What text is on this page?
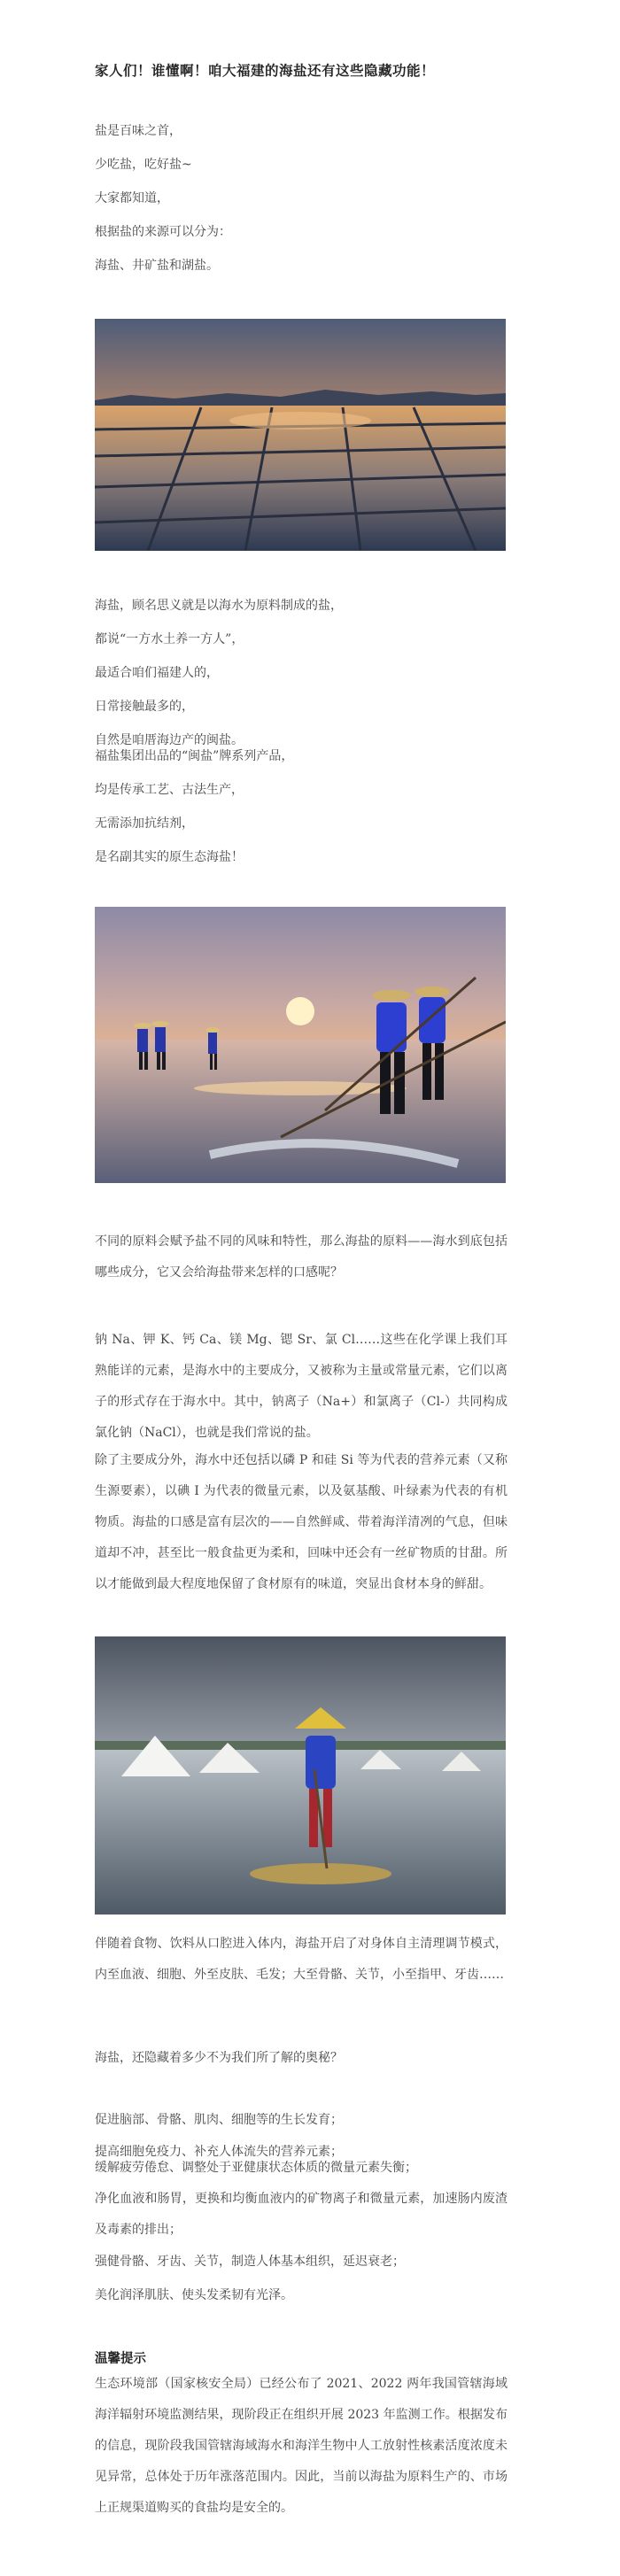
家人们！谁懂啊！咱大福建的海盐还有这些隐藏功能！
盐是百味之首，
少吃盐，吃好盐~
大家都知道，
根据盐的来源可以分为：
海盐、井矿盐和湖盐。
海盐，顾名思义就是以海水为原料制成的盐，
都说“一方水土养一方人”，
最适合咱们福建人的，
日常接触最多的，
自然是咱厝海边产的闽盐。
福盐集团出品的“闽盐”牌系列产品，
均是传承工艺、古法生产，
无需添加抗结剂，
是名副其实的原生态海盐！
不同的原料会赋予盐不同的风味和特性，那么海盐的原料——海水到底包括哪些成分，它又会给海盐带来怎样的口感呢？
钠 Na、钾 K、钙 Ca、镁 Mg、锶 Sr、氯 Cl……这些在化学课上我们耳熟能详的元素，是海水中的主要成分，又被称为主量或常量元素，它们以离子的形式存在于海水中。其中，钠离子（Na+）和氯离子（Cl-）共同构成氯化钠（NaCl），也就是我们常说的盐。
除了主要成分外，海水中还包括以磷 P 和硅 Si 等为代表的营养元素（又称生源要素），以碘 I 为代表的微量元素，以及氨基酸、叶绿素为代表的有机物质。海盐的口感是富有层次的——自然鲜咸、带着海洋清冽的气息，但味道却不冲，甚至比一般食盐更为柔和，回味中还会有一丝矿物质的甘甜。所以才能做到最大程度地保留了食材原有的味道，突显出食材本身的鲜甜。
伴随着食物、饮料从口腔进入体内，海盐开启了对身体自主清理调节模式，内至血液、细胞、外至皮肤、毛发；大至骨骼、关节，小至指甲、牙齿……
海盐，还隐藏着多少不为我们所了解的奥秘？
促进脑部、骨骼、肌肉、细胞等的生长发育；
提高细胞免疫力、补充人体流失的营养元素；
缓解疲劳倦怠、调整处于亚健康状态体质的微量元素失衡；
净化血液和肠胃，更换和均衡血液内的矿物离子和微量元素，加速肠内废渣及毒素的排出；
强健骨骼、牙齿、关节，制造人体基本组织，延迟衰老；
美化润泽肌肤、使头发柔韧有光泽。
温馨提示
生态环境部（国家核安全局）已经公布了 2021、2022 两年我国管辖海域海洋辐射环境监测结果，现阶段正在组织开展 2023 年监测工作。根据发布的信息，现阶段我国管辖海域海水和海洋生物中人工放射性核素活度浓度未见异常，总体处于历年涨落范围内。因此，当前以海盐为原料生产的、市场上正规渠道购买的食盐均是安全的。
